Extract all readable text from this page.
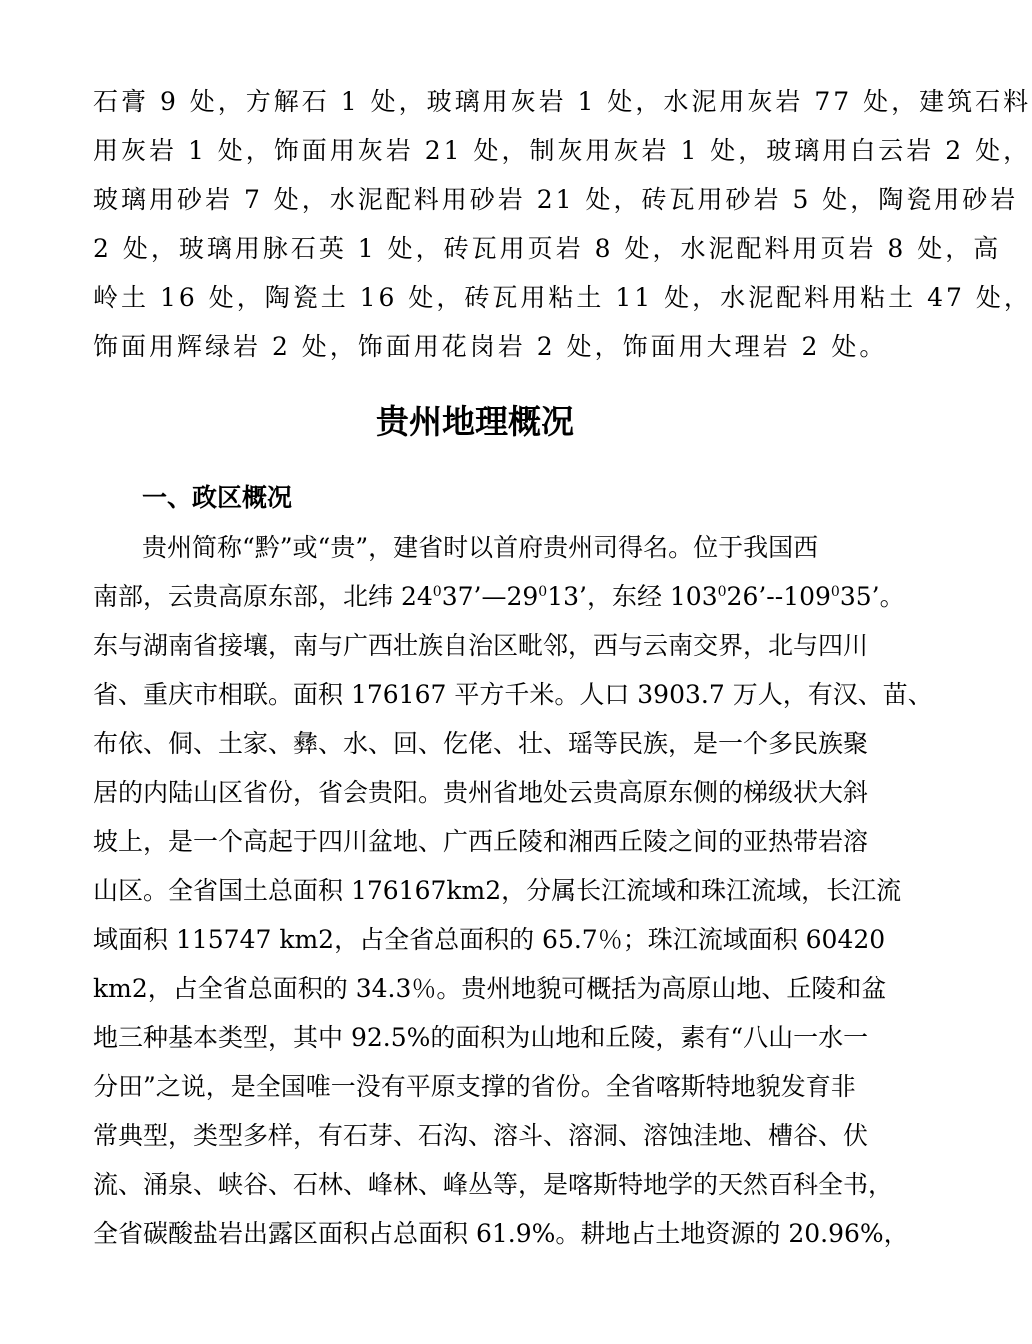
石膏 9 处，方解石 1 处，玻璃用灰岩 1 处，水泥用灰岩 77 处，建筑石料
用灰岩 1 处，饰面用灰岩 21 处，制灰用灰岩 1 处，玻璃用白云岩 2 处，
玻璃用砂岩 7 处，水泥配料用砂岩 21 处，砖瓦用砂岩 5 处，陶瓷用砂岩
2 处，玻璃用脉石英 1 处，砖瓦用页岩 8 处，水泥配料用页岩 8 处，高
岭土 16 处，陶瓷土 16 处，砖瓦用粘土 11 处，水泥配料用粘土 47 处，
饰面用辉绿岩 2 处，饰面用花岗岩 2 处，饰面用大理岩 2 处。
贵州地理概况
一、政区概况
贵州简称“黔”或“贵”，建省时以首府贵州司得名。位于我国西
南部，云贵高原东部，北纬 $24^037’—29^013$’，东经 $103^026’--109^035$’。
东与湖南省接壤，南与广西壮族自治区毗邻，西与云南交界，北与四川
省、重庆市相联。面积 176167 平方千米。人口 3903.7 万人，有汉、苗、
布依、侗、土家、彝、水、回、仡佬、壮、瑶等民族，是一个多民族聚
居的内陆山区省份，省会贵阳。贵州省地处云贵高原东侧的梯级状大斜
坡上，是一个高起于四川盆地、广西丘陵和湘西丘陵之间的亚热带岩溶
山区。全省国土总面积 176167km2，分属长江流域和珠江流域，长江流
域面积 115747 km2，占全省总面积的 65.7％；珠江流域面积 60420
km2，占全省总面积的 34.3％。贵州地貌可概括为高原山地、丘陵和盆
地三种基本类型，其中 92.5%的面积为山地和丘陵，素有“八山一水一
分田”之说，是全国唯一没有平原支撑的省份。全省喀斯特地貌发育非
常典型，类型多样，有石芽、石沟、溶斗、溶洞、溶蚀洼地、槽谷、伏
流、涌泉、峡谷、石林、峰林、峰丛等，是喀斯特地学的天然百科全书，
全省碳酸盐岩出露区面积占总面积 61.9%。耕地占土地资源的 20.96%，
